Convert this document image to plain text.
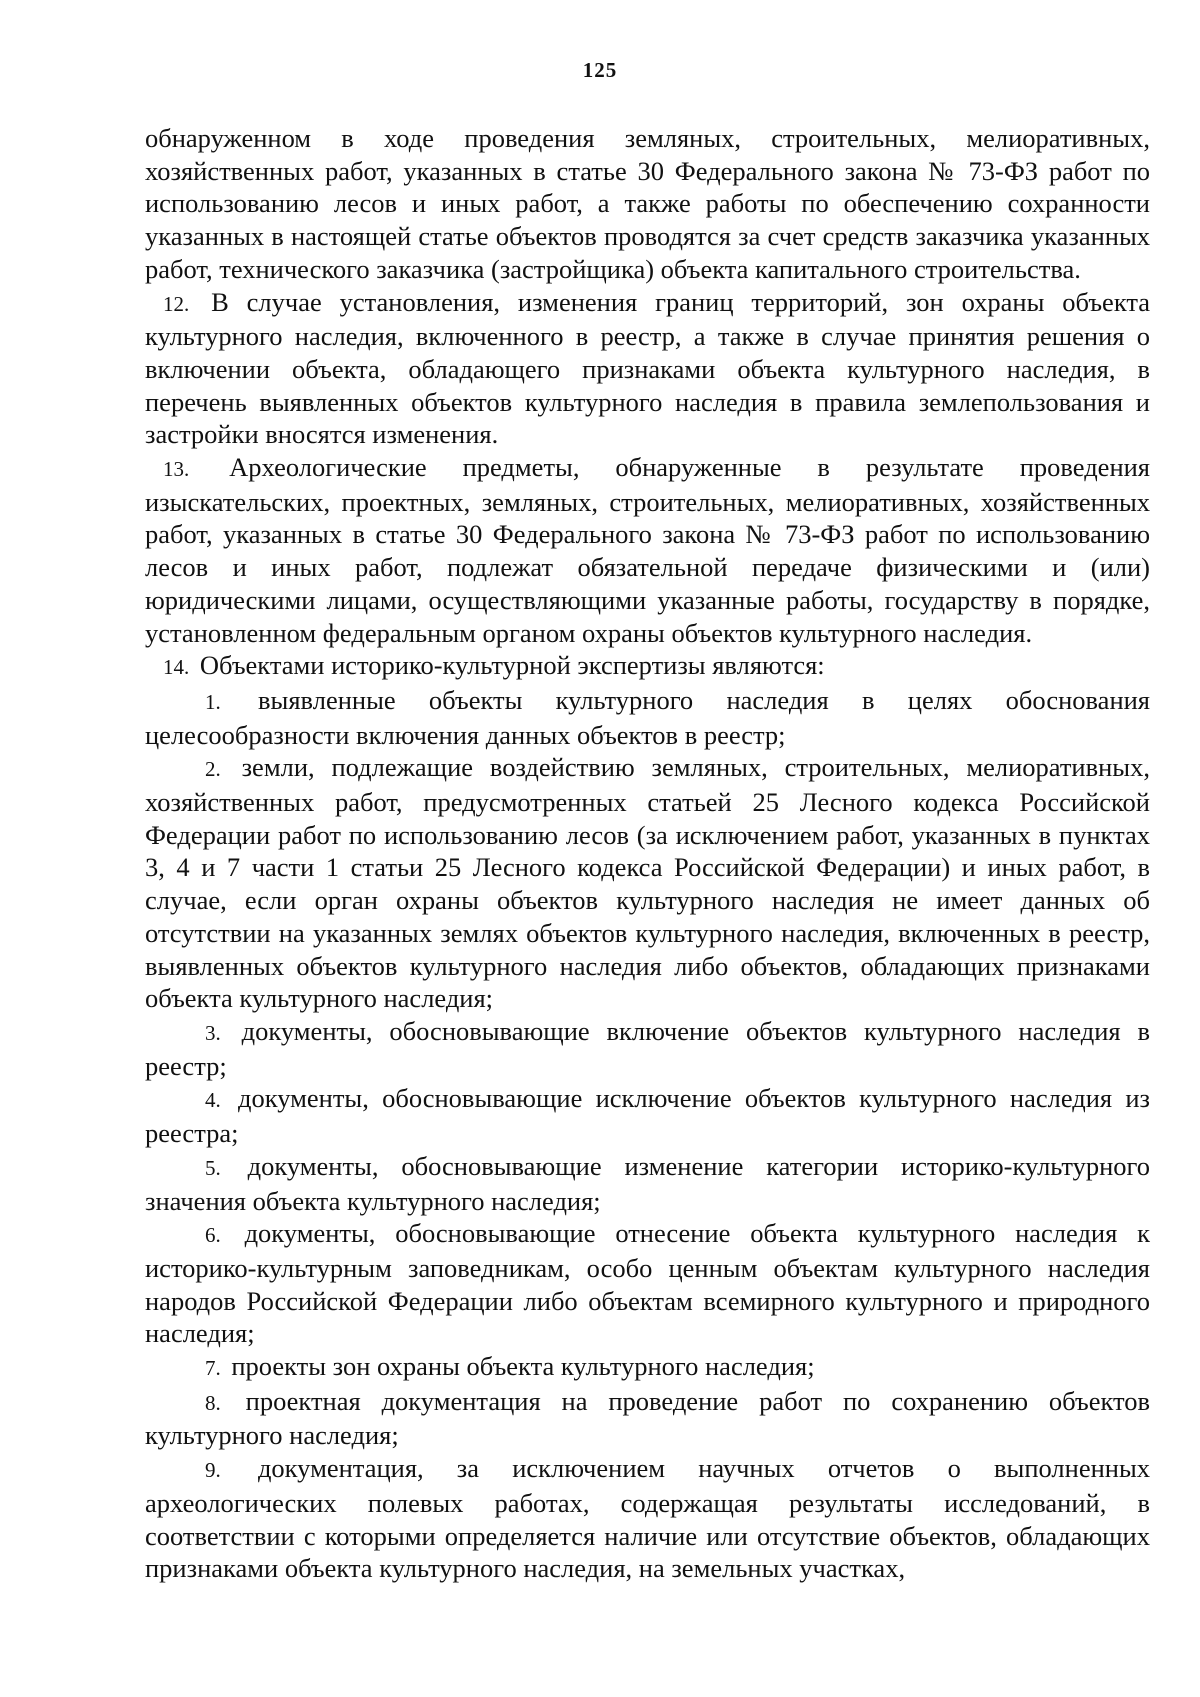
125

обнаруженном в ходе проведения земляных, строительных, мелиоративных, хозяйственных работ, указанных в статье 30 Федерального закона № 73-ФЗ работ по использованию лесов и иных работ, а также работы по обеспечению сохранности указанных в настоящей статье объектов проводятся за счет средств заказчика указанных работ, технического заказчика (застройщика) объекта капитального строительства.

12. В случае установления, изменения границ территорий, зон охраны объекта культурного наследия, включенного в реестр, а также в случае принятия решения о включении объекта, обладающего признаками объекта культурного наследия, в перечень выявленных объектов культурного наследия в правила землепользования и застройки вносятся изменения.

13. Археологические предметы, обнаруженные в результате проведения изыскательских, проектных, земляных, строительных, мелиоративных, хозяйственных работ, указанных в статье 30 Федерального закона № 73-ФЗ работ по использованию лесов и иных работ, подлежат обязательной передаче физическими и (или) юридическими лицами, осуществляющими указанные работы, государству в порядке, установленном федеральным органом охраны объектов культурного наследия.

14. Объектами историко-культурной экспертизы являются:

1. выявленные объекты культурного наследия в целях обоснования целесообразности включения данных объектов в реестр;

2. земли, подлежащие воздействию земляных, строительных, мелиоративных, хозяйственных работ, предусмотренных статьей 25 Лесного кодекса Российской Федерации работ по использованию лесов (за исключением работ, указанных в пунктах 3, 4 и 7 части 1 статьи 25 Лесного кодекса Российской Федерации) и иных работ, в случае, если орган охраны объектов культурного наследия не имеет данных об отсутствии на указанных землях объектов культурного наследия, включенных в реестр, выявленных объектов культурного наследия либо объектов, обладающих признаками объекта культурного наследия;

3. документы, обосновывающие включение объектов культурного наследия в реестр;

4. документы, обосновывающие исключение объектов культурного наследия из реестра;

5. документы, обосновывающие изменение категории историко-культурного значения объекта культурного наследия;

6. документы, обосновывающие отнесение объекта культурного наследия к историко-культурным заповедникам, особо ценным объектам культурного наследия народов Российской Федерации либо объектам всемирного культурного и природного наследия;

7. проекты зон охраны объекта культурного наследия;

8. проектная документация на проведение работ по сохранению объектов культурного наследия;

9. документация, за исключением научных отчетов о выполненных археологических полевых работах, содержащая результаты исследований, в соответствии с которыми определяется наличие или отсутствие объектов, обладающих признаками объекта культурного наследия, на земельных участках,
